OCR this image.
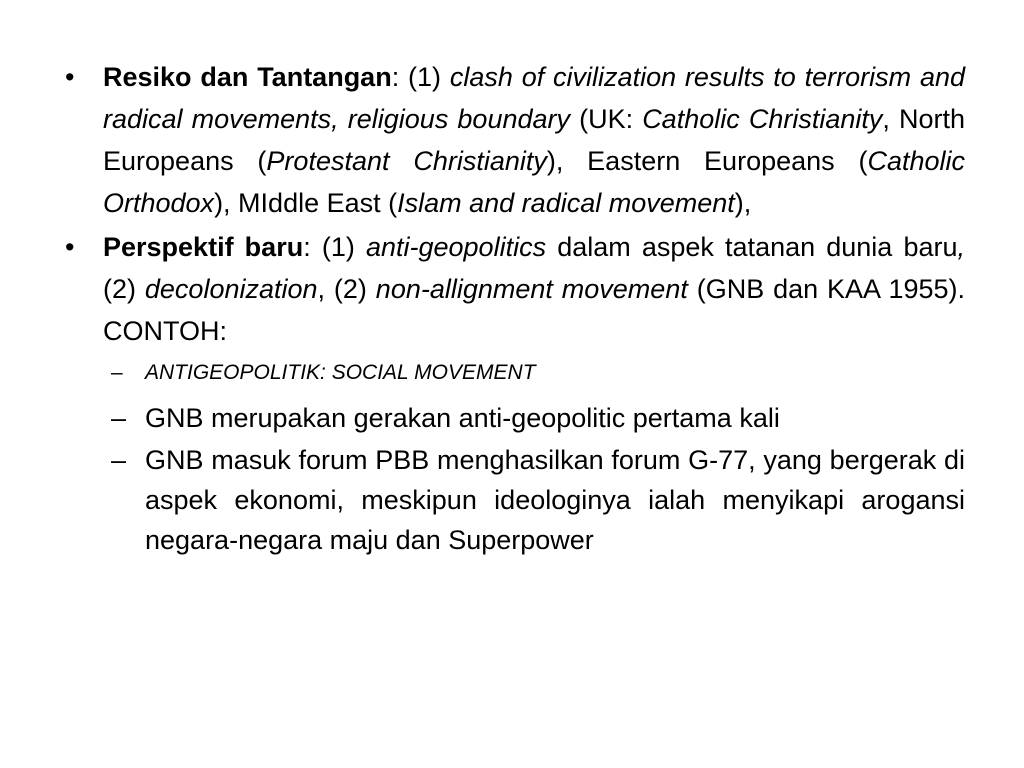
•	Resiko dan Tantangan: (1) clash of civilization results to terrorism and radical movements, religious boundary (UK: Catholic Christianity, North Europeans (Protestant Christianity), Eastern Europeans (Catholic Orthodox), MIddle East (Islam and radical movement),
•	Perspektif baru: (1) anti-geopolitics dalam aspek tatanan dunia baru, (2) decolonization, (2) non-allignment movement (GNB dan KAA 1955). CONTOH:
–	ANTIGEOPOLITIK: SOCIAL MOVEMENT
– GNB merupakan gerakan anti-geopolitic pertama kali
– GNB masuk forum PBB menghasilkan forum G-77, yang bergerak di aspek ekonomi, meskipun ideologinya ialah menyikapi arogansi negara-negara maju dan Superpower
